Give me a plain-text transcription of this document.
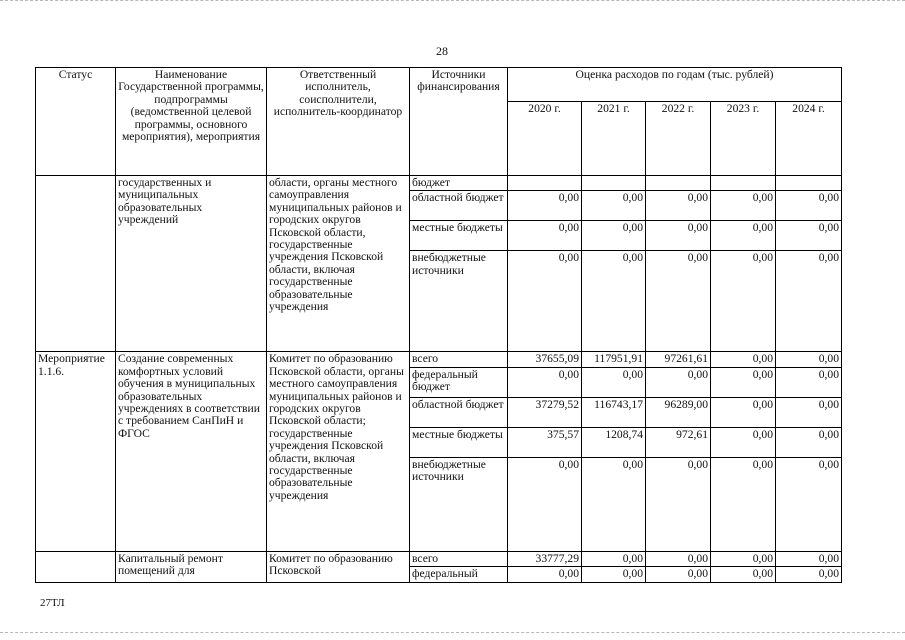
28
Статус	Наименование Государственной программы, подпрограммы (ведомственной целевой программы, основного мероприятия), мероприятия	Ответственный исполнитель, соисполнители, исполнитель-координатор	Источники финансирования	Оценка расходов по годам (тыс. рублей)				
				2020 г.	2021 г.	2022 г.	2023 г.	2024 г.
	государственных и муниципальных образовательных учреждений	области, органы местного самоуправления муниципальных районов и городских округов Псковской области, государственные учреждения Псковской области, включая государственные образовательные учреждения	бюджет					
			областной бюджет	0,00	0,00	0,00	0,00	0,00
			местные бюджеты	0,00	0,00	0,00	0,00	0,00
			внебюджетные источники	0,00	0,00	0,00	0,00	0,00
Мероприятие 1.1.6.	Создание современных комфортных условий обучения в муниципальных образовательных учреждениях в соответствии с требованием СанПиН и ФГОС	Комитет по образованию Псковской области, органы местного самоуправления муниципальных районов и городских округов Псковской области; государственные учреждения Псковской области, включая государственные образовательные учреждения	всего	37655,09	117951,91	97261,61	0,00	0,00
			федеральный бюджет	0,00	0,00	0,00	0,00	0,00
			областной бюджет	37279,52	116743,17	96289,00	0,00	0,00
			местные бюджеты	375,57	1208,74	972,61	0,00	0,00
			внебюджетные источники	0,00	0,00	0,00	0,00	0,00
	Капитальный ремонт помещений для	Комитет по образованию Псковской	всего	33777,29	0,00	0,00	0,00	0,00
			федеральный	0,00	0,00	0,00	0,00	0,00
27ТЛ
